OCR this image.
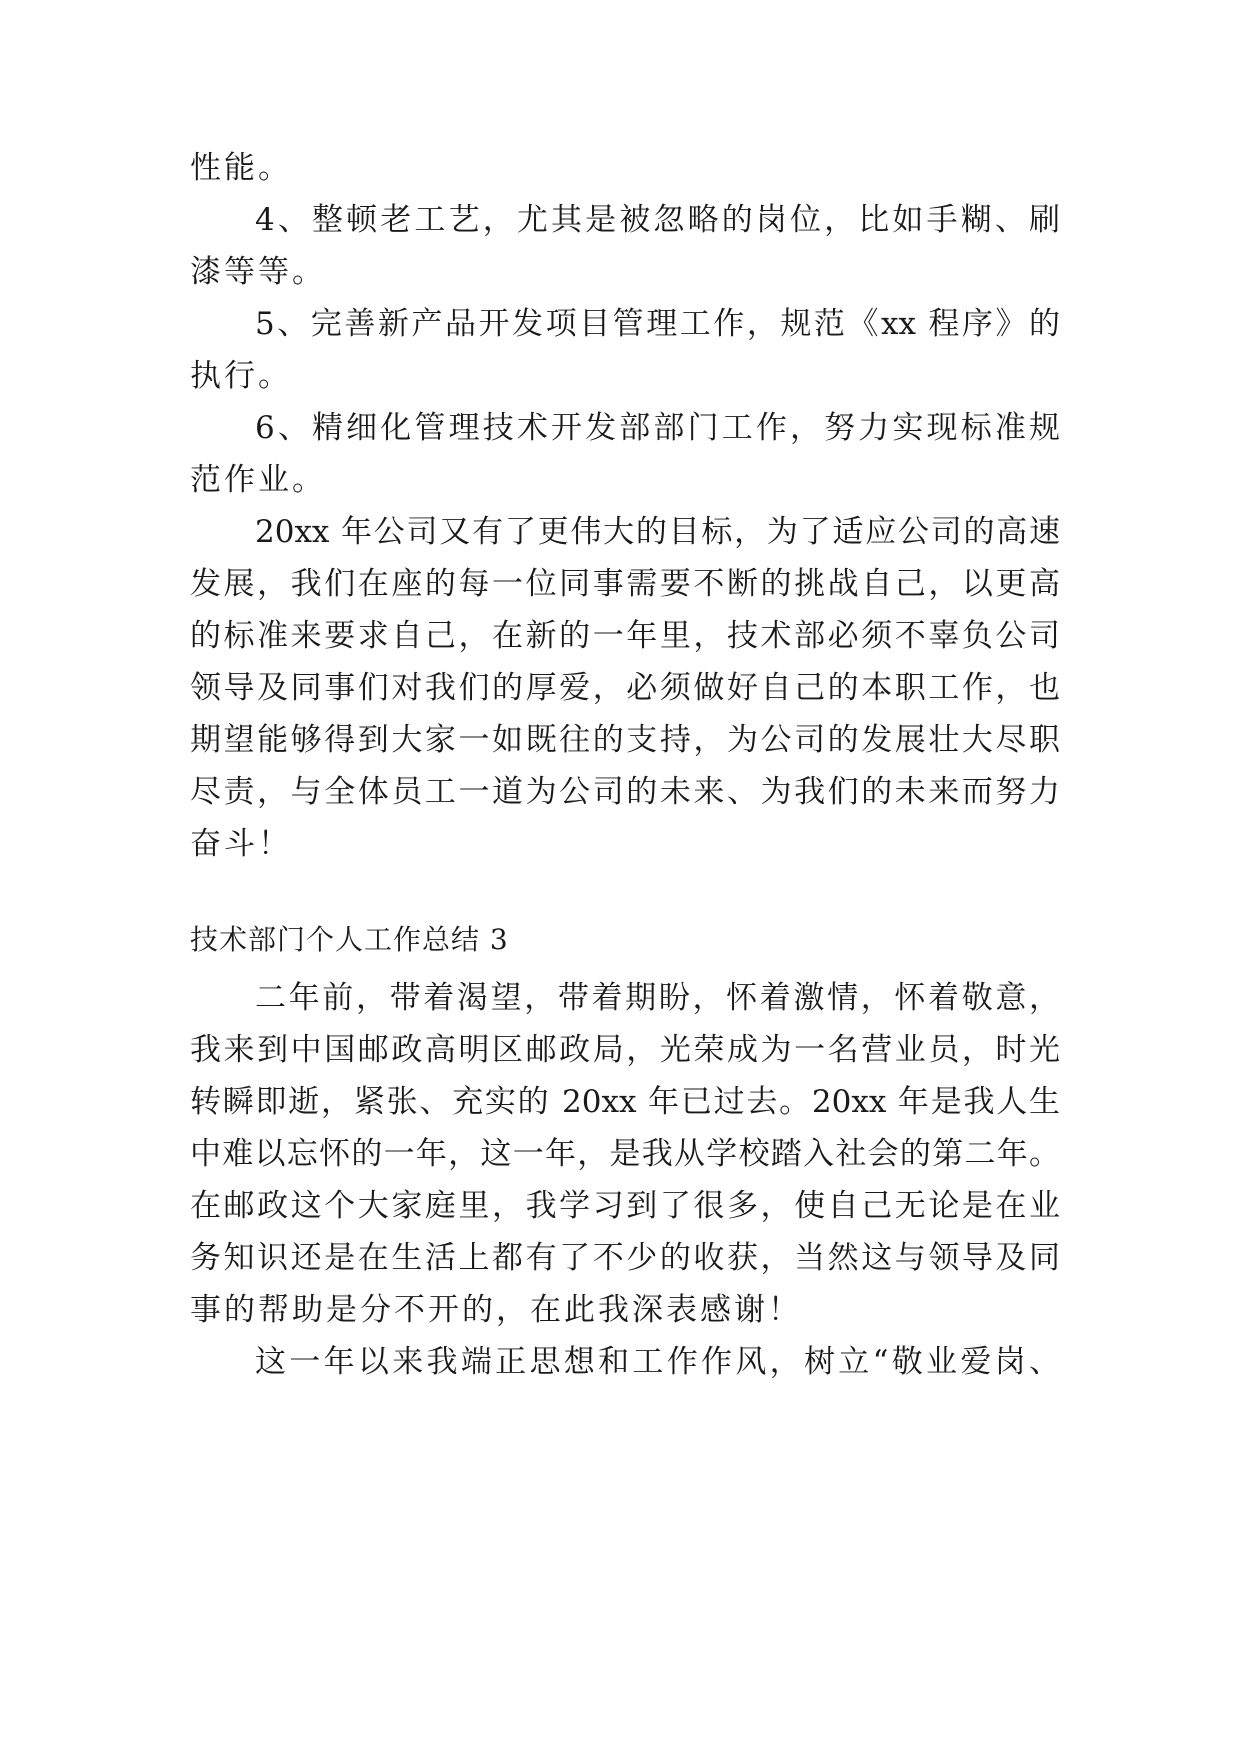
性能。
4、整顿老工艺，尤其是被忽略的岗位，比如手糊、刷
漆等等。
5、完善新产品开发项目管理工作，规范《xx 程序》的
执行。
6、精细化管理技术开发部部门工作，努力实现标准规
范作业。
20xx 年公司又有了更伟大的目标，为了适应公司的高速
发展，我们在座的每一位同事需要不断的挑战自己，以更高
的标准来要求自己，在新的一年里，技术部必须不辜负公司
领导及同事们对我们的厚爱，必须做好自己的本职工作，也
期望能够得到大家一如既往的支持，为公司的发展壮大尽职
尽责，与全体员工一道为公司的未来、为我们的未来而努力
奋斗！
技术部门个人工作总结 3
二年前，带着渴望，带着期盼，怀着激情，怀着敬意，
我来到中国邮政高明区邮政局，光荣成为一名营业员，时光
转瞬即逝，紧张、充实的 20xx 年已过去。20xx 年是我人生
中难以忘怀的一年，这一年，是我从学校踏入社会的第二年。
在邮政这个大家庭里，我学习到了很多，使自己无论是在业
务知识还是在生活上都有了不少的收获，当然这与领导及同
事的帮助是分不开的，在此我深表感谢！
这一年以来我端正思想和工作作风，树立“敬业爱岗、
